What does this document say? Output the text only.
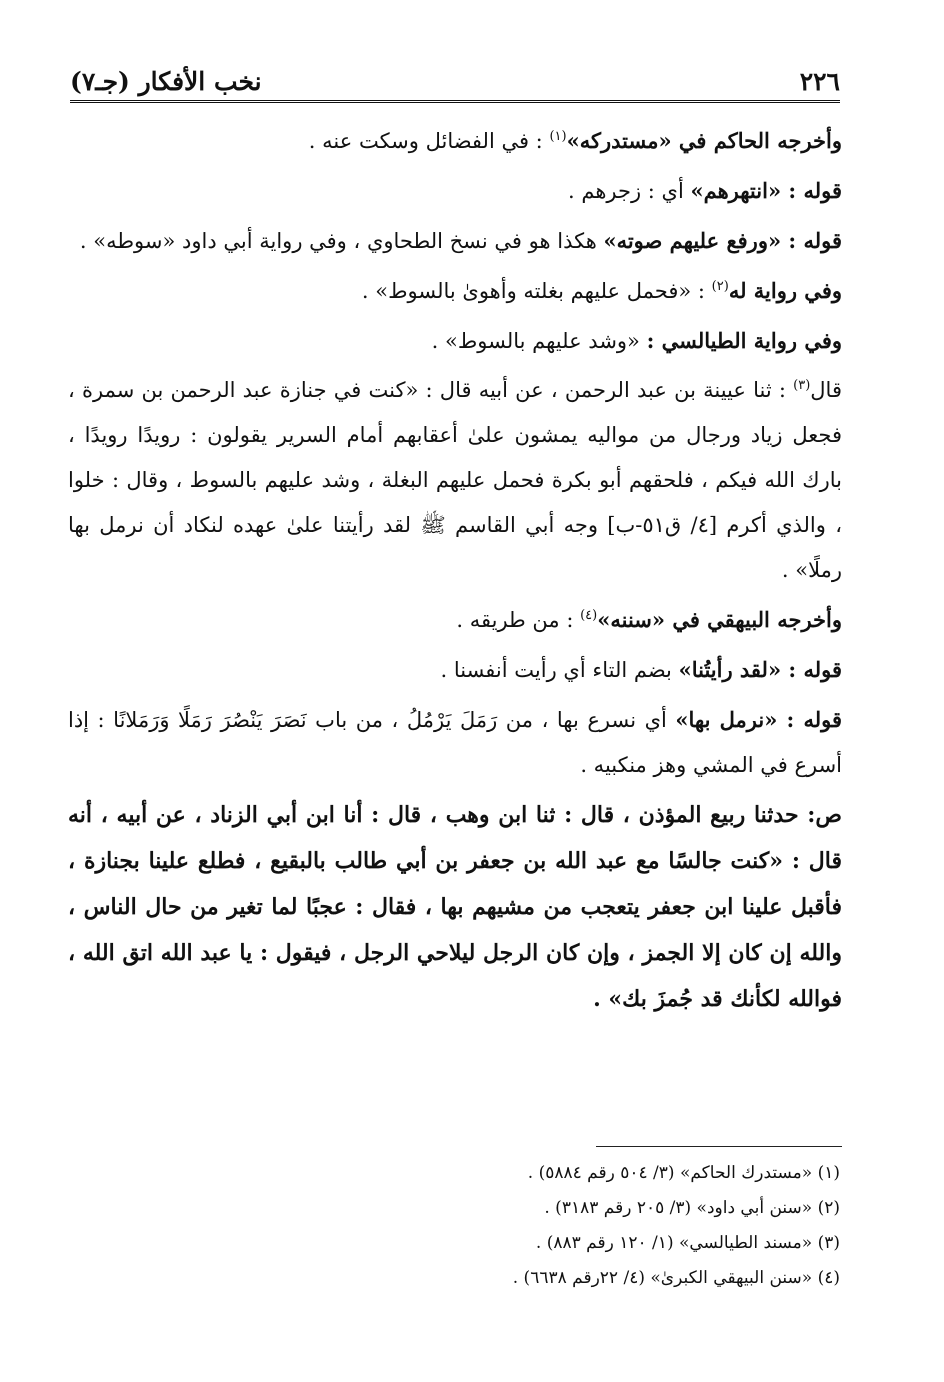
٢٢٦
نخب الأفكار (جـ٧)

وأخرجه الحاكم في «مستدركه»$^{(١)}$ : في الفضائل وسكت عنه .

قوله : «انتهرهم» أي : زجرهم .

قوله : «ورفع عليهم صوته» هكذا هو في نسخ الطحاوي ، وفي رواية أبي داود «سوطه» .

وفي رواية له$^{(٢)}$ : «فحمل عليهم بغلته وأهوىٰ بالسوط» .

وفي رواية الطيالسي : «وشد عليهم بالسوط» .

قال$^{(٣)}$ : ثنا عيينة بن عبد الرحمن ، عن أبيه قال : «كنت في جنازة عبد الرحمن بن سمرة ، فجعل زياد ورجال من مواليه يمشون علىٰ أعقابهم أمام السرير يقولون : رويدًا رويدًا ، بارك الله فيكم ، فلحقهم أبو بكرة فحمل عليهم البغلة ، وشد عليهم بالسوط ، وقال : خلوا ، والذي أكرم [٤/ ق٥١-ب] وجه أبي القاسم ﷺ لقد رأيتنا علىٰ عهده لنكاد أن نرمل بها رملًا» .

وأخرجه البيهقي في «سننه»$^{(٤)}$ : من طريقه .

قوله : «لقد رأيتُنا» بضم التاء أي رأيت أنفسنا .

قوله : «نرمل بها» أي نسرع بها ، من رَمَلَ يَرْمُلُ ، من باب نَصَرَ يَنْصُرَ رَمَلًا وَرَمَلانًا : إذا أسرع في المشي وهز منكبيه .

ص: حدثنا ربيع المؤذن ، قال : ثنا ابن وهب ، قال : أنا ابن أبي الزناد ، عن أبيه ، أنه قال : «كنت جالسًا مع عبد الله بن جعفر بن أبي طالب بالبقيع ، فطلع علينا بجنازة ، فأقبل علينا ابن جعفر يتعجب من مشيهم بها ، فقال : عجبًا لما تغير من حال الناس ، والله إن كان إلا الجمز ، وإن كان الرجل ليلاحي الرجل ، فيقول : يا عبد الله اتق الله ، فوالله لكأنك قد جُمزَ بك» .

(١) «مستدرك الحاكم» (٣/ ٥٠٤ رقم ٥٨٨٤) .
(٢) «سنن أبي داود» (٣/ ٢٠٥ رقم ٣١٨٣) .
(٣) «مسند الطيالسي» (١/ ١٢٠ رقم ٨٨٣) .
(٤) «سنن البيهقي الكبرىٰ» (٤/ ٢٢رقم ٦٦٣٨) .
